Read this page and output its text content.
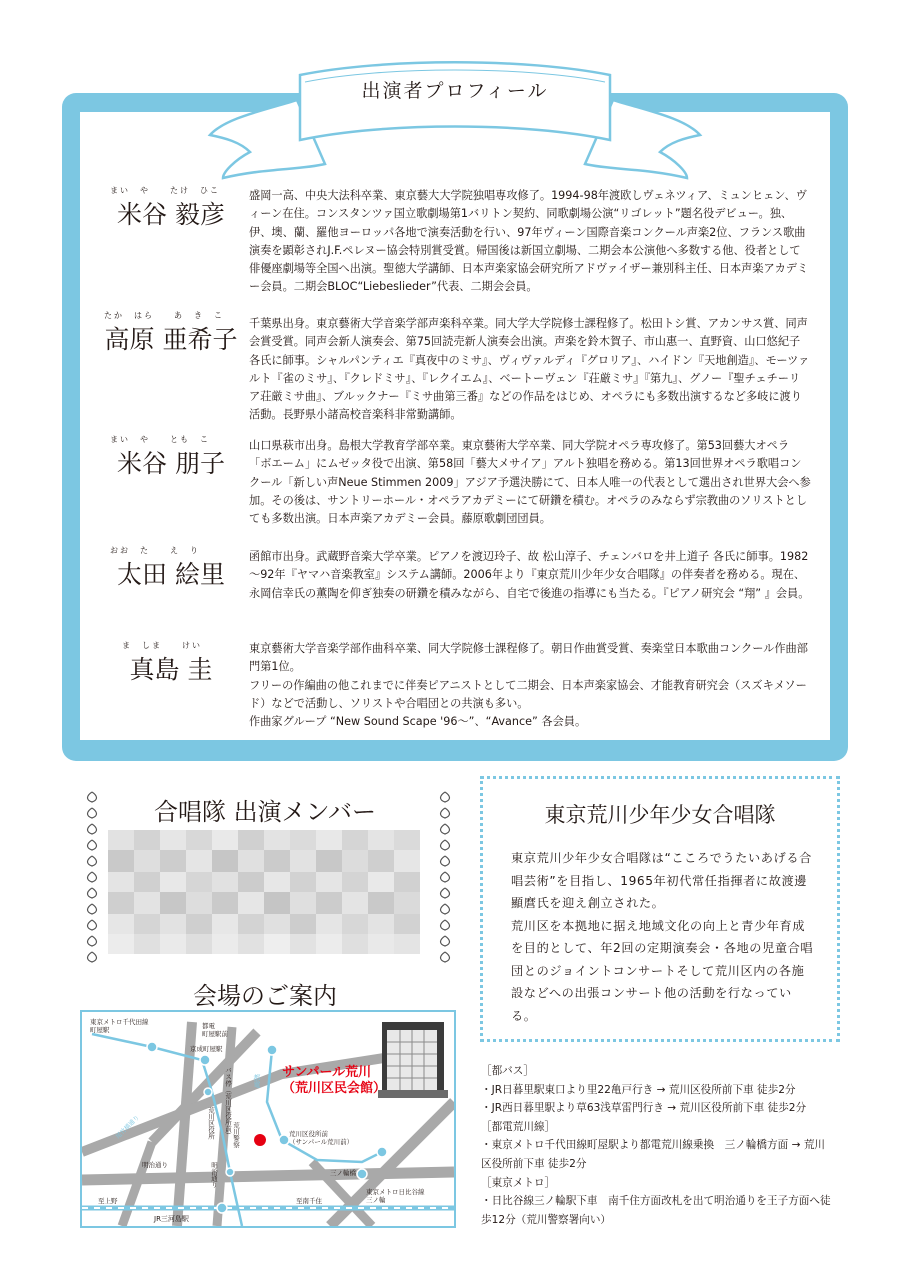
出演者プロフィール
まい　や　　たけ　ひこ
米谷 毅彦
盛岡一高、中央大法科卒業、東京藝大大学院独唱専攻修了。1994-98年渡欧しヴェネツィア、ミュンヒェン、ヴィーン在住。コンスタンツァ国立歌劇場第1バリトン契約、同歌劇場公演“リゴレット”題名役デビュー。独、伊、墺、蘭、羅他ヨーロッパ各地で演奏活動を行い、97年ヴィーン国際音楽コンクール声楽2位、フランス歌曲演奏を顕彰されJ.F.ペレヌー協会特別賞受賞。帰国後は新国立劇場、二期会本公演他へ多数する他、役者として俳優座劇場等全国へ出演。聖徳大学講師、日本声楽家協会研究所アドヴァイザー兼別科主任、日本声楽アカデミー会員。二期会BLOC“Liebeslieder”代表、二期会会員。
たか　はら　　あ　き　こ
高原 亜希子
千葉県出身。東京藝術大学音楽学部声楽科卒業。同大学大学院修士課程修了。松田トシ賞、アカンサス賞、同声会賞受賞。同声会新人演奏会、第75回読売新人演奏会出演。声楽を鈴木賀子、市山惠一、直野資、山口悠紀子各氏に師事。シャルパンティエ『真夜中のミサ』、ヴィヴァルディ『グロリア』、ハイドン『天地創造』、モーツァルト『雀のミサ』、『クレドミサ』、『レクイエム』、ベートーヴェン『荘厳ミサ』『第九』、グノー『聖チェチーリア荘厳ミサ曲』、ブルックナー『ミサ曲第三番』などの作品をはじめ、オペラにも多数出演するなど多岐に渡り活動。長野県小諸高校音楽科非常勤講師。
まい　や　　とも　こ
米谷 朋子
山口県萩市出身。島根大学教育学部卒業。東京藝術大学卒業、同大学院オペラ専攻修了。第53回藝大オペラ「ボエーム」にムゼッタ役で出演、第58回「藝大メサイア」アルト独唱を務める。第13回世界オペラ歌唱コンクール「新しい声Neue Stimmen 2009」アジア予選決勝にて、日本人唯一の代表として選出され世界大会へ参加。その後は、サントリーホール・オペラアカデミーにて研鑽を積む。オペラのみならず宗教曲のソリストとしても多数出演。日本声楽アカデミー会員。藤原歌劇団団員。
おお　た　　え　り
太田 絵里
函館市出身。武蔵野音楽大学卒業。ピアノを渡辺玲子、故 松山淳子、チェンバロを井上道子 各氏に師事。1982～92年『ヤマハ音楽教室』システム講師。2006年より『東京荒川少年少女合唱隊』の伴奏者を務める。現在、永岡信幸氏の薫陶を仰ぎ独奏の研鑽を積みながら、自宅で後進の指導にも当たる。『ピアノ研究会 “翔” 』会員。
ま　しま　　けい
真島 圭
東京藝術大学音楽学部作曲科卒業、同大学院修士課程修了。朝日作曲賞受賞、奏楽堂日本歌曲コンクール作曲部門第1位。
フリーの作編曲の他これまでに伴奏ピアニストとして二期会、日本声楽家協会、才能教育研究会（スズキメソード）などで活動し、ソリストや合唱団との共演も多い。
作曲家グループ “New Sound Scape '96～”、“Avance” 各会員。
合唱隊 出演メンバー
会場のご案内
東京メトロ千代田線
町屋駅	都電
町屋駅前
京成町屋駅
バス停（荒川区役所前）	都電
サンパール荒川
（荒川区民会館）
荒川区役所前
（サンパール荒川前）
荒川区役所	荒川警察
明治通り	明治通り	三ノ輪橋
東京メトロ日比谷線
三ノ輪
至上野	至南千住
JR三河島駅
尾竹橋通り
東京荒川少年少女合唱隊

東京荒川少年少女合唱隊は“こころでうたいあげる合唱芸術”を目指し、1965年初代常任指揮者に故渡邊顯麿氏を迎え創立された。

荒川区を本拠地に据え地域文化の向上と青少年育成を目的として、年2回の定期演奏会・各地の児童合唱団とのジョイントコンサートそして荒川区内の各施設などへの出張コンサート他の活動を行なっている。

［都バス］
・JR日暮里駅東口より里22亀戸行き → 荒川区役所前下車 徒歩2分
・JR西日暮里駅より草63浅草雷門行き → 荒川区役所前下車 徒歩2分
［都電荒川線］
・東京メトロ千代田線町屋駅より都電荒川線乗換　三ノ輪橋方面 → 荒川
区役所前下車 徒歩2分
［東京メトロ］
・日比谷線三ノ輪駅下車　南千住方面改札を出て明治通りを王子方面へ徒
歩12分（荒川警察署向い）
